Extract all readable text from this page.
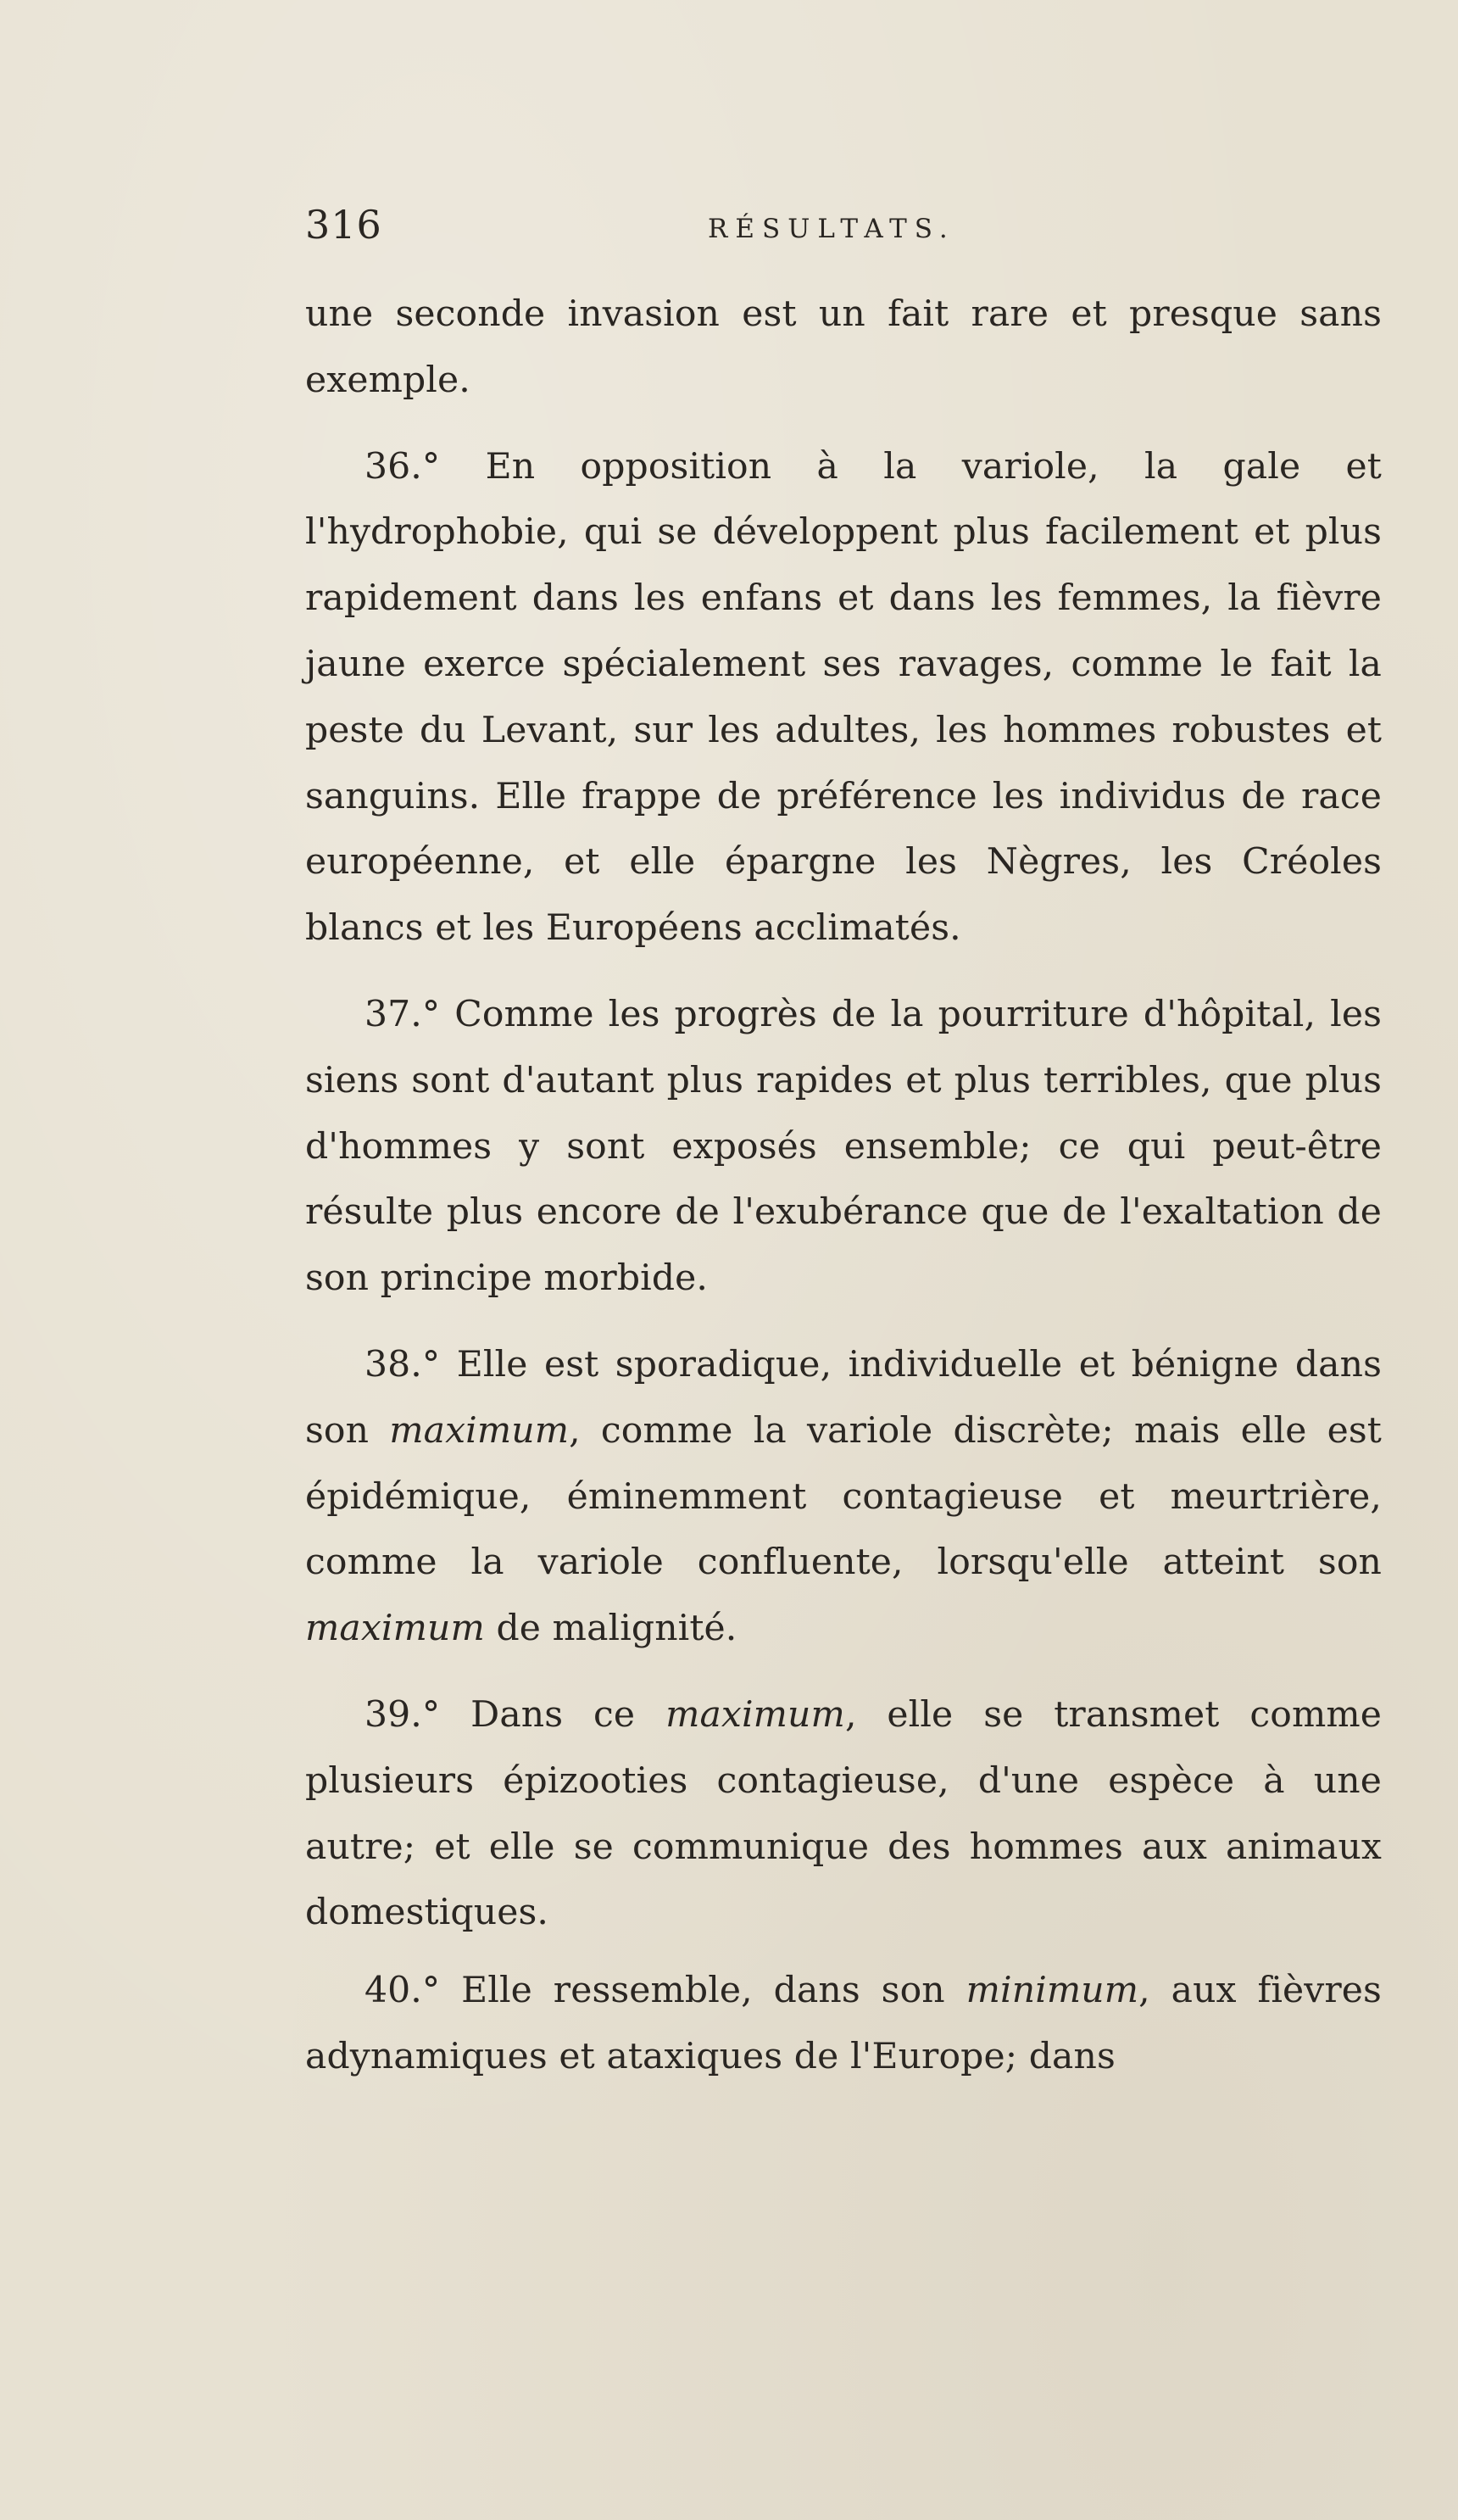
316	RÉSULTATS.

une seconde invasion est un fait rare et presque sans exemple.

36.° En opposition à la variole, la gale et l'hydrophobie, qui se développent plus facilement et plus rapidement dans les enfans et dans les femmes, la fièvre jaune exerce spécialement ses ravages, comme le fait la peste du Levant, sur les adultes, les hommes robustes et sanguins. Elle frappe de préférence les individus de race européenne, et elle épargne les Nègres, les Créoles blancs et les Européens acclimatés.

37.° Comme les progrès de la pourriture d'hôpital, les siens sont d'autant plus rapides et plus terribles, que plus d'hommes y sont exposés ensemble; ce qui peut-être résulte plus encore de l'exubérance que de l'exaltation de son principe morbide.

38.° Elle est sporadique, individuelle et bénigne dans son maximum, comme la variole discrète; mais elle est épidémique, éminemment contagieuse et meurtrière, comme la variole confluente, lorsqu'elle atteint son maximum de malignité.

39.° Dans ce maximum, elle se transmet comme plusieurs épizooties contagieuse, d'une espèce à une autre; et elle se communique des hommes aux animaux domestiques.

40.° Elle ressemble, dans son minimum, aux fièvres adynamiques et ataxiques de l'Europe; dans
